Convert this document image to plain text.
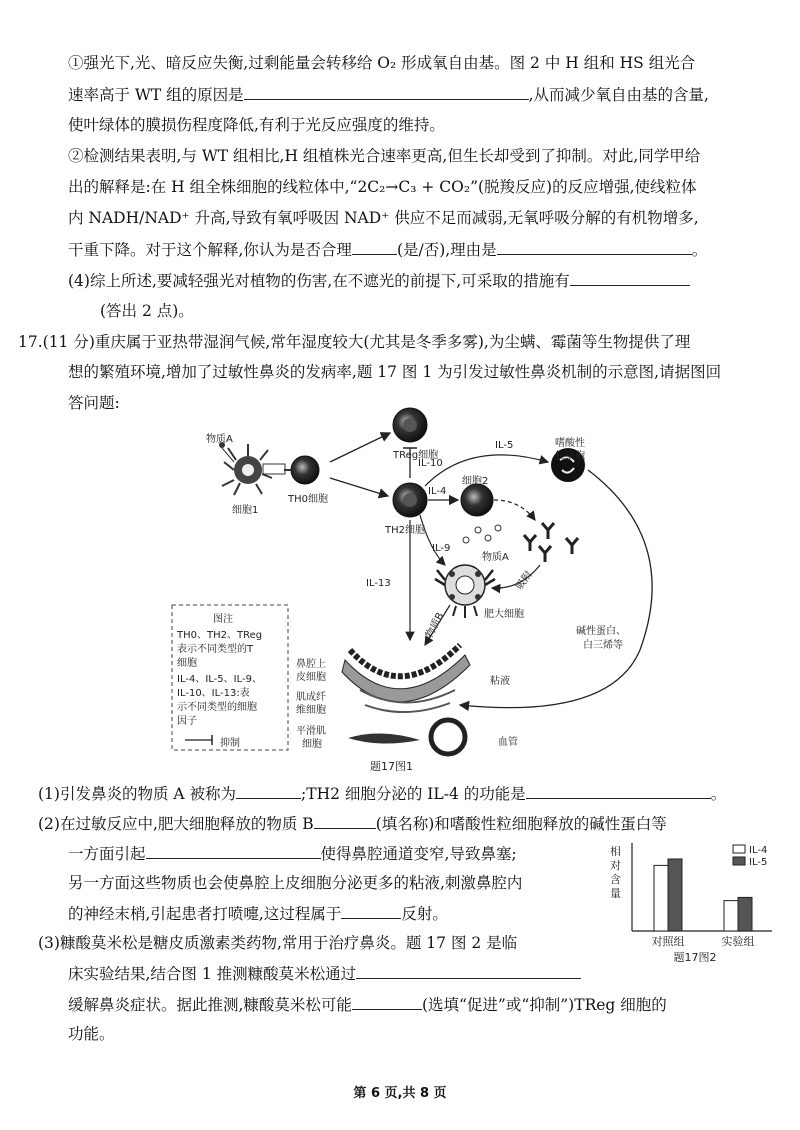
①强光下,光、暗反应失衡,过剩能量会转移给 O₂ 形成氧自由基。图 2 中 H 组和 HS 组光合
速率高于 WT 组的原因是	,从而减少氧自由基的含量,
使叶绿体的膜损伤程度降低,有利于光反应强度的维持。
②检测结果表明,与 WT 组相比,H 组植株光合速率更高,但生长却受到了抑制。对此,同学甲给
出的解释是:在 H 组全株细胞的线粒体中,“2C₂→C₃ + CO₂”(脱羧反应)的反应增强,使线粒体
内 NADH/NAD⁺ 升高,导致有氧呼吸因 NAD⁺ 供应不足而减弱,无氧呼吸分解的有机物增多,
干重下降。对于这个解释,你认为是否合理	(是/否),理由是	。
(4)综上所述,要减轻强光对植物的伤害,在不遮光的前提下,可采取的措施有
(答出 2 点)。
17.(11 分)重庆属于亚热带湿润气候,常年湿度较大(尤其是冬季多雾),为尘螨、霉菌等生物提供了理
想的繁殖环境,增加了过敏性鼻炎的发病率,题 17 图 1 为引发过敏性鼻炎机制的示意图,请据图回
答问题:
物质A
细胞1
TH0细胞
TReg细胞
TH2细胞
IL-5
IL-10
IL-4
细胞2
嗜酸性
粒细胞
IL-9
物质A
吸附
IL-13
物质B	肥大细胞
碱性蛋白、
白三烯等
鼻腔上
皮细胞	粘液
肌成纤
维细胞
平滑肌
细胞	血管
题17图1
图注
TH0、TH2、TReg
表示不同类型的T
细胞
IL-4、IL-5、IL-9、
IL-10、IL-13:表
示不同类型的细胞
因子
抑制
(1)引发鼻炎的物质 A 被称为	;TH2 细胞分泌的 IL-4 的功能是	。
(2)在过敏反应中,肥大细胞释放的物质 B	(填名称)和嗜酸性粒细胞释放的碱性蛋白等
一方面引起	使得鼻腔通道变窄,导致鼻塞;
另一方面这些物质也会使鼻腔上皮细胞分泌更多的粘液,刺激鼻腔内
的神经末梢,引起患者打喷嚏,这过程属于	反射。
(3)糠酸莫米松是糖皮质激素类药物,常用于治疗鼻炎。题 17 图 2 是临
床实验结果,结合图 1 推测糠酸莫米松通过
缓解鼻炎症状。据此推测,糠酸莫米松可能	(选填“促进”或“抑制”)TReg 细胞的
功能。
相
对
含
量
对照组	实验组
IL-4
IL-5
题17图2
第 6 页,共 8 页
